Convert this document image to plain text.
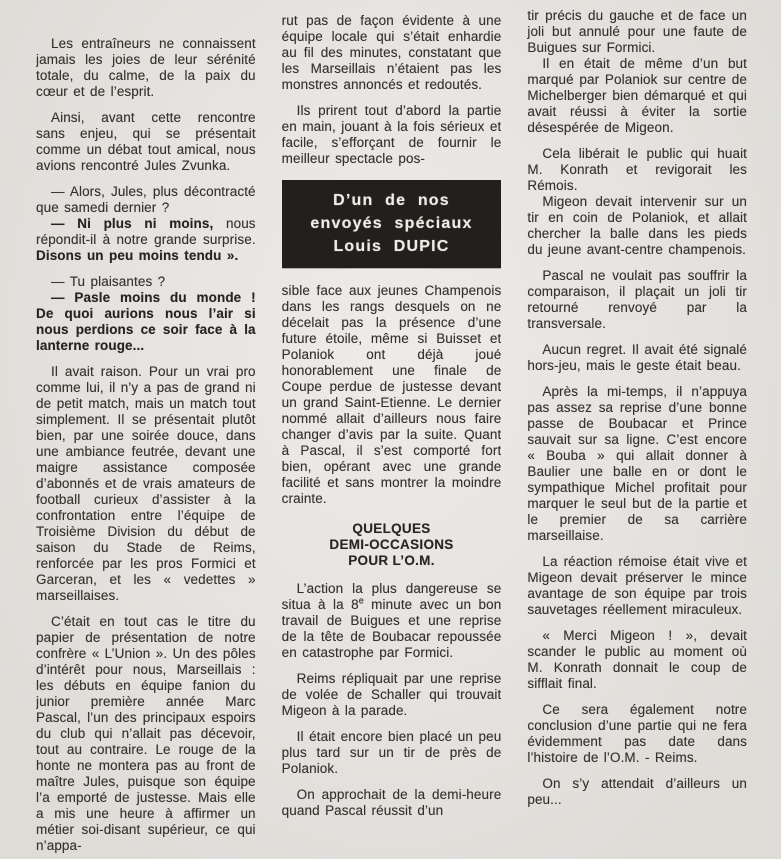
Les entraîneurs ne connaissent jamais les joies de leur sérénité totale, du calme, de la paix du cœur et de l’esprit.

Ainsi, avant cette rencontre sans enjeu, qui se présentait comme un débat tout amical, nous avions rencontré Jules Zvunka.

— Alors, Jules, plus décontracté que samedi dernier ?

— Ni plus ni moins, nous répondit-il à notre grande surprise. Disons un peu moins tendu ».

— Tu plaisantes ?

— Pasle moins du monde ! De quoi aurions nous l’air si nous perdions ce soir face à la lanterne rouge...

Il avait raison. Pour un vrai pro comme lui, il n’y a pas de grand ni de petit match, mais un match tout simplement. Il se présentait plutôt bien, par une soirée douce, dans une ambiance feutrée, devant une maigre assistance composée d’abonnés et de vrais amateurs de football curieux d’assister à la confrontation entre l’équipe de Troisième Division du début de saison du Stade de Reims, renforcée par les pros Formici et Garceran, et les « vedettes » marseillaises.

C’était en tout cas le titre du papier de présentation de notre confrère « L’Union ». Un des pôles d’intérêt pour nous, Marseillais : les débuts en équipe fanion du junior première année Marc Pascal, l’un des principaux espoirs du club qui n’allait pas décevoir, tout au contraire. Le rouge de la honte ne montera pas au front de maître Jules, puisque son équipe l’a emporté de justesse. Mais elle a mis une heure à affirmer un métier soi-disant supérieur, ce qui n’appa-

rut pas de façon évidente à une équipe locale qui s’était enhardie au fil des minutes, constatant que les Marseillais n’étaient pas les monstres annoncés et redoutés.

Ils prirent tout d’abord la partie en main, jouant à la fois sérieux et facile, s’efforçant de fournir le meilleur spectacle pos-

D’un de nos
envoyés spéciaux
Louis DUPIC

sible face aux jeunes Champenois dans les rangs desquels on ne décelait pas la présence d’une future étoile, même si Buisset et Polaniok ont déjà joué honorablement une finale de Coupe perdue de justesse devant un grand Saint-Etienne. Le dernier nommé allait d’ailleurs nous faire changer d’avis par la suite. Quant à Pascal, il s’est comporté fort bien, opérant avec une grande facilité et sans montrer la moindre crainte.

QUELQUES
DEMI-OCCASIONS
POUR L’O.M.

L’action la plus dangereuse se situa à la 8e minute avec un bon travail de Buigues et une reprise de la tête de Boubacar repoussée en catastrophe par Formici.

Reims répliquait par une reprise de volée de Schaller qui trouvait Migeon à la parade.

Il était encore bien placé un peu plus tard sur un tir de près de Polaniok.

On approchait de la demi-heure quand Pascal réussit d’un

tir précis du gauche et de face un joli but annulé pour une faute de Buigues sur Formici.

Il en était de même d’un but marqué par Polaniok sur centre de Michelberger bien démarqué et qui avait réussi à éviter la sortie désespérée de Migeon.

Cela libérait le public qui huait M. Konrath et revigorait les Rémois.

Migeon devait intervenir sur un tir en coin de Polaniok, et allait chercher la balle dans les pieds du jeune avant-centre champenois.

Pascal ne voulait pas souffrir la comparaison, il plaçait un joli tir retourné renvoyé par la transversale.

Aucun regret. Il avait été signalé hors-jeu, mais le geste était beau.

Après la mi-temps, il n’appuya pas assez sa reprise d’une bonne passe de Boubacar et Prince sauvait sur sa ligne. C’est encore « Bouba » qui allait donner à Baulier une balle en or dont le sympathique Michel profitait pour marquer le seul but de la partie et le premier de sa carrière marseillaise.

La réaction rémoise était vive et Migeon devait préserver le mince avantage de son équipe par trois sauvetages réellement miraculeux.

« Merci Migeon ! », devait scander le public au moment où M. Konrath donnait le coup de sifflait final.

Ce sera également notre conclusion d’une partie qui ne fera évidemment pas date dans l’histoire de l’O.M. - Reims.

On s’y attendait d’ailleurs un peu...
